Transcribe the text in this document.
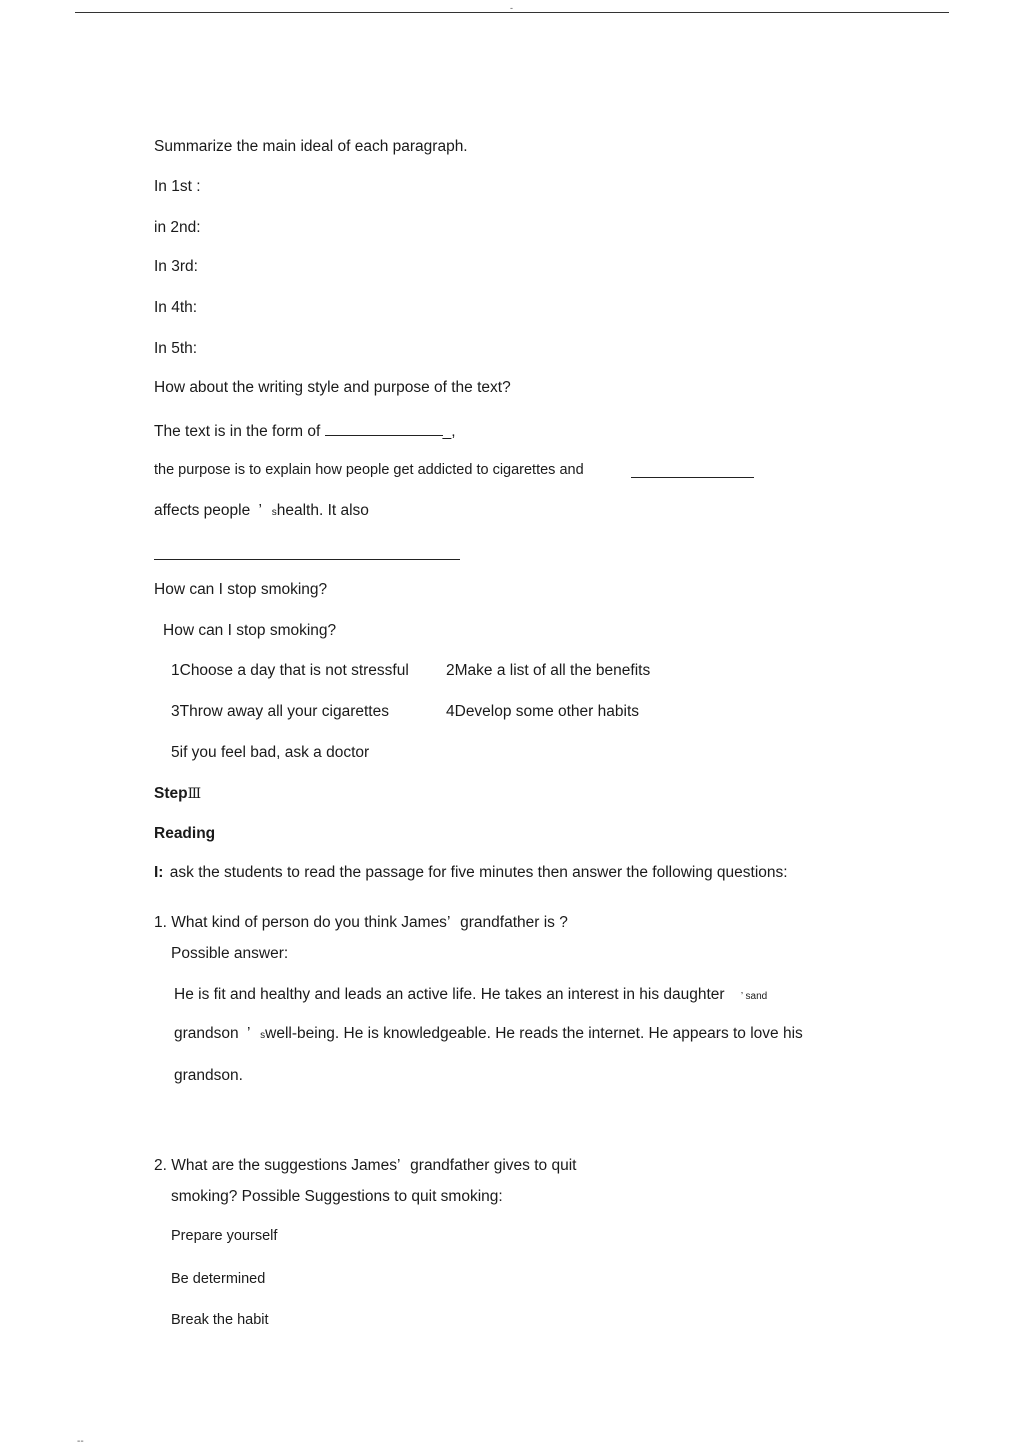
-
Summarize the main ideal of each paragraph.
In 1st :
in 2nd:
In 3rd:
In 4th:
In 5th:
How about the writing style and purpose of the text?
The text is in the form of	_,
the purpose is to explain how people get addicted to cigarettes and
affects people ’ shealth. It also
How can I stop smoking?
How can I stop smoking?
1Choose a day that is not stressful 2Make a list of all the benefits
3Throw away all your cigarettes	4Develop some other habits
5if you feel bad, ask a doctor
StepⅢ
Reading
I: ask the students to read the passage for five minutes then answer the following questions:
1. What kind of person do you think James’ grandfather is ?
Possible answer:
He is fit and healthy and leads an active life. He takes an interest in his daughter ’ sand
grandson ’ swell-being. He is knowledgeable. He reads the internet. He appears to love his
grandson.
2. What are the suggestions James’ grandfather gives to quit
smoking? Possible Suggestions to quit smoking:
Prepare yourself
Be determined
Break the habit
--
